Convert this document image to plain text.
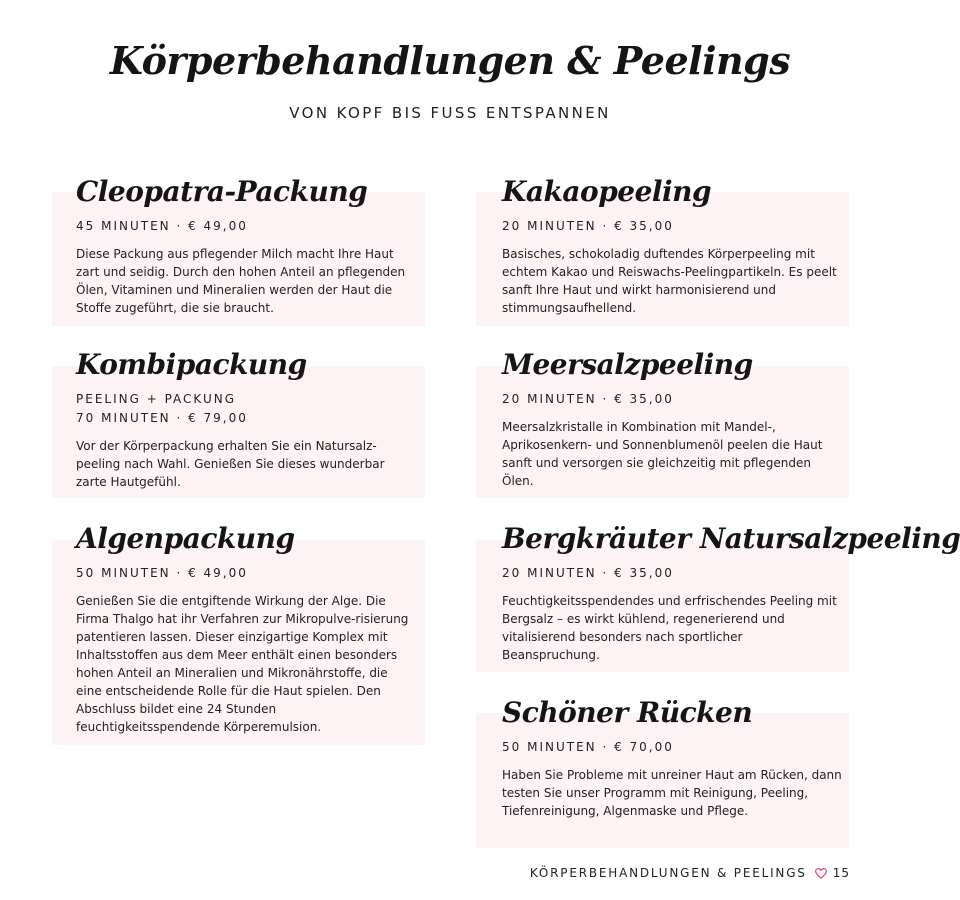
Körperbehandlungen & Peelings
VON KOPF BIS FUSS ENTSPANNEN
Cleopatra-Packung
45 MINUTEN · € 49,00
Diese Packung aus pflegender Milch macht Ihre Haut zart und seidig. Durch den hohen Anteil an pflegenden Ölen, Vitaminen und Mineralien werden der Haut die Stoffe zugeführt, die sie braucht.
Kombipackung
PEELING + PACKUNG
70 MINUTEN · € 79,00
Vor der Körperpackung erhalten Sie ein Natursalz-peeling nach Wahl. Genießen Sie dieses wunderbar zarte Hautgefühl.
Algenpackung
50 MINUTEN · € 49,00
Genießen Sie die entgiftende Wirkung der Alge. Die Firma Thalgo hat ihr Verfahren zur Mikropulve-risierung patentieren lassen. Dieser einzigartige Komplex mit Inhaltsstoffen aus dem Meer enthält einen besonders hohen Anteil an Mineralien und Mikronährstoffe, die eine entscheidende Rolle für die Haut spielen. Den Abschluss bildet eine 24 Stunden feuchtigkeitsspendende Körperemulsion.
Kakaopeeling
20 MINUTEN · € 35,00
Basisches, schokoladig duftendes Körperpeeling mit echtem Kakao und Reiswachs-Peelingpartikeln. Es peelt sanft Ihre Haut und wirkt harmonisierend und stimmungsaufhellend.
Meersalzpeeling
20 MINUTEN · € 35,00
Meersalzkristalle in Kombination mit Mandel-, Aprikosenkern- und Sonnenblumenöl peelen die Haut sanft und versorgen sie gleichzeitig mit pflegenden Ölen.
Bergkräuter Natursalzpeeling
20 MINUTEN · € 35,00
Feuchtigkeitsspendendes und erfrischendes Peeling mit Bergsalz – es wirkt kühlend, regenerierend und vitalisierend besonders nach sportlicher Beanspruchung.
Schöner Rücken
50 MINUTEN · € 70,00
Haben Sie Probleme mit unreiner Haut am Rücken, dann testen Sie unser Programm mit Reinigung, Peeling, Tiefenreinigung, Algenmaske und Pflege.
KÖRPERBEHANDLUNGEN & PEELINGS 15
